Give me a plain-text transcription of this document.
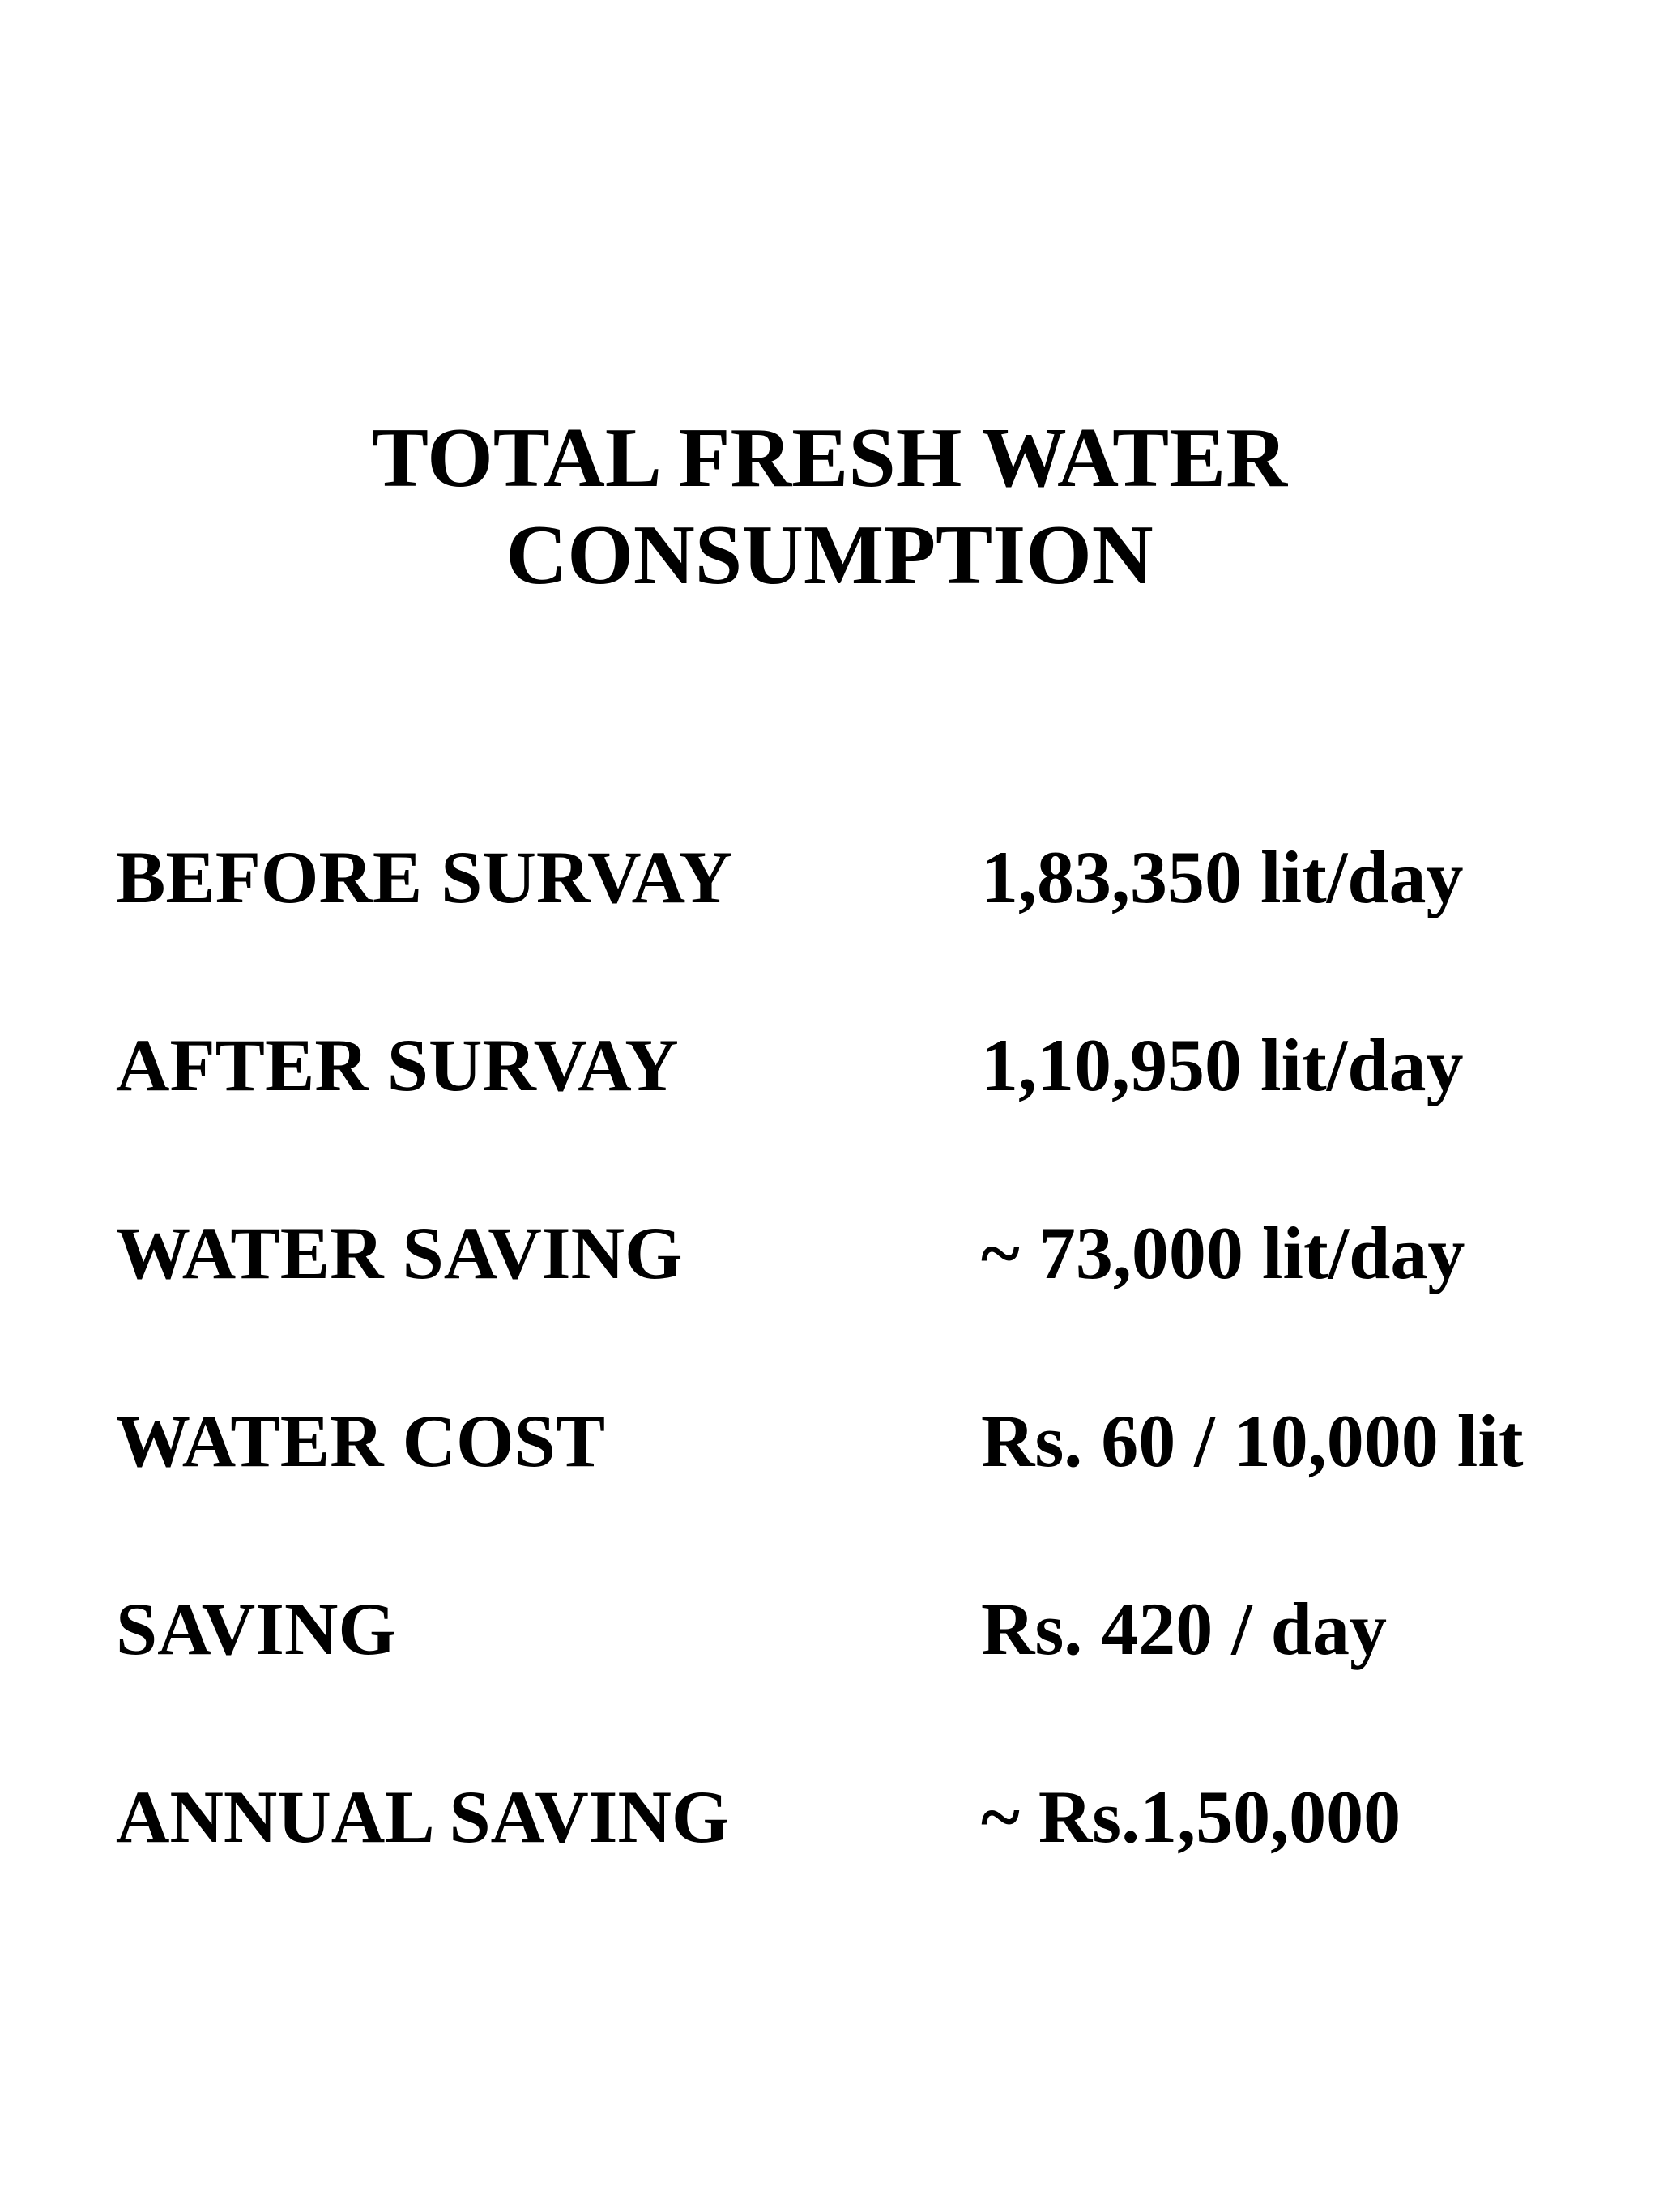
TOTAL FRESH WATER
CONSUMPTION
BEFORE SURVAY	1,83,350 lit/day
AFTER SURVAY	1,10,950 lit/day
WATER SAVING	~ 73,000 lit/day
WATER COST	Rs. 60 / 10,000 lit
SAVING	Rs. 420 / day
ANNUAL SAVING	~ Rs.1,50,000
